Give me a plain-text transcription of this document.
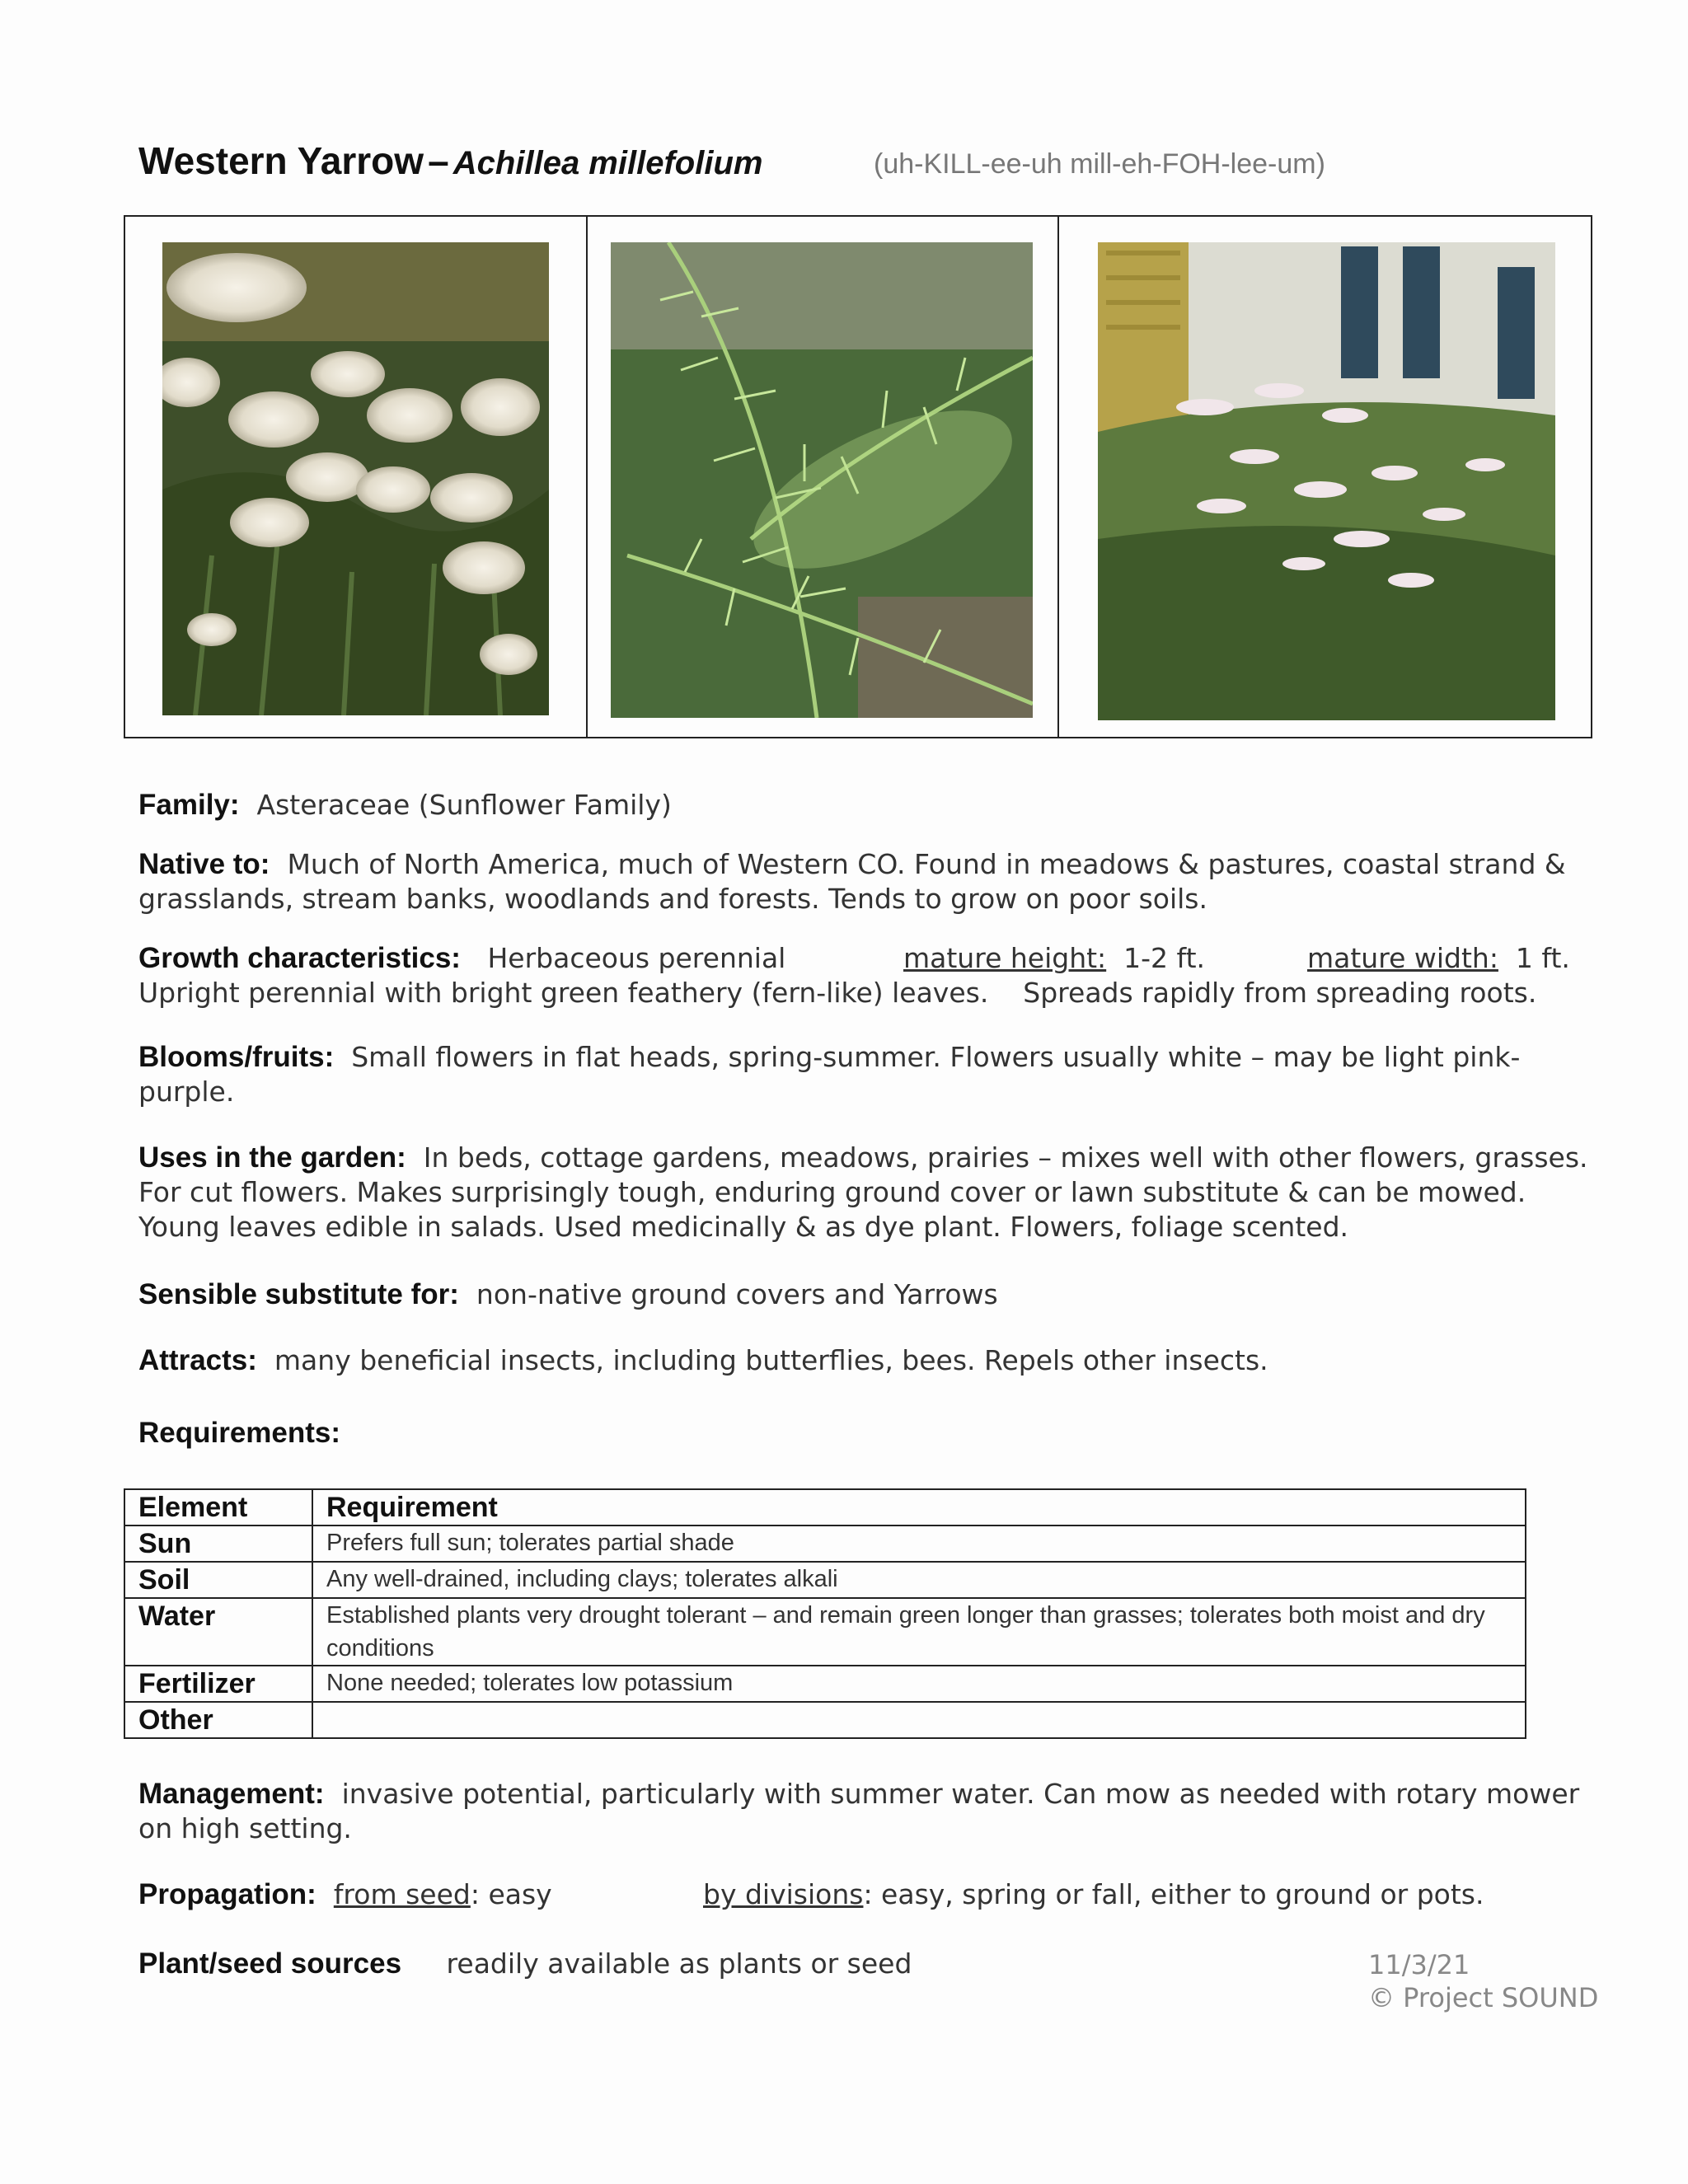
Western Yarrow – Achillea millefolium	(uh-KILL-ee-uh mill-eh-FOH-lee-um)
Family: Asteraceae (Sunflower Family)
Native to: Much of North America, much of Western CO. Found in meadows & pastures, coastal strand & grasslands, stream banks, woodlands and forests. Tends to grow on poor soils.
Growth characteristics: Herbaceous perennial	mature height: 1-2 ft.	mature width: 1 ft.
Upright perennial with bright green feathery (fern-like) leaves.    Spreads rapidly from spreading roots.
Blooms/fruits: Small flowers in flat heads, spring-summer. Flowers usually white – may be light pink-purple.
Uses in the garden: In beds, cottage gardens, meadows, prairies – mixes well with other flowers, grasses. For cut flowers. Makes surprisingly tough, enduring ground cover or lawn substitute & can be mowed. Young leaves edible in salads. Used medicinally & as dye plant. Flowers, foliage scented.
Sensible substitute for: non-native ground covers and Yarrows
Attracts: many beneficial insects, including butterflies, bees. Repels other insects.
Requirements:
Element	Requirement
Sun	Prefers full sun; tolerates partial shade
Soil	Any well-drained, including clays; tolerates alkali
Water	Established plants very drought tolerant – and remain green longer than grasses; tolerates both moist and dry conditions
Fertilizer	None needed; tolerates low potassium
Other	
Management: invasive potential, particularly with summer water. Can mow as needed with rotary mower on high setting.
Propagation: from seed: easy	by divisions: easy, spring or fall, either to ground or pots.
Plant/seed sources readily available as plants or seed	11/3/21
© Project SOUND
